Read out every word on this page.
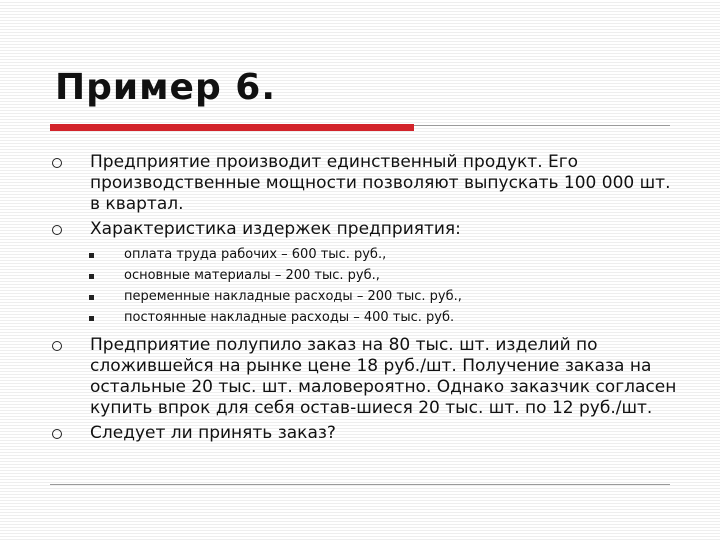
Пример 6.
Предприятие производит единственный продукт. Его производственные мощности позволяют выпускать 100 000 шт. в квартал.
Характеристика издержек предприятия:
оплата труда рабочих – 600 тыс. руб.,
основные материалы – 200 тыс. руб.,
переменные накладные расходы – 200 тыс. руб.,
постоянные накладные расходы – 400 тыс. руб.
Предприятие полупило заказ на 80 тыс. шт. изделий по сложившейся на рынке цене 18 руб./шт. Получение заказа на остальные 20 тыс. шт. маловероятно. Однако заказчик согласен купить впрок для себя остав-шиеся 20 тыс. шт. по 12 руб./шт.
Следует ли принять заказ?
